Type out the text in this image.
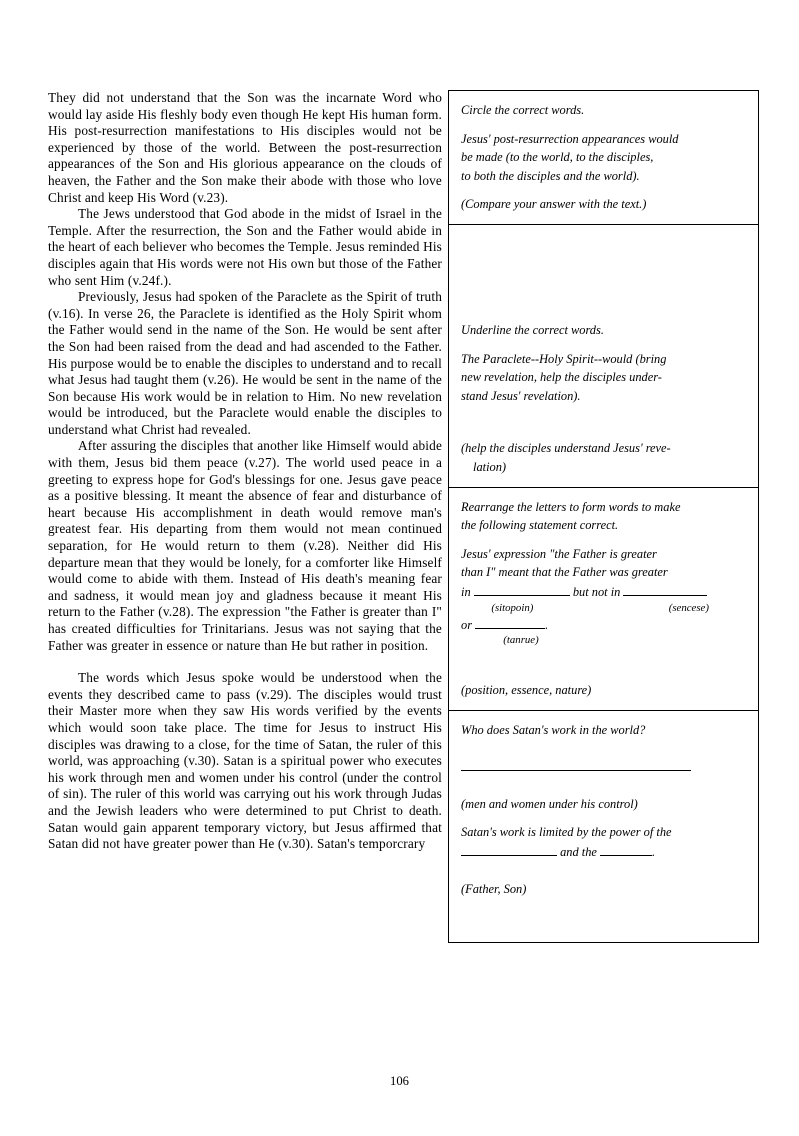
They did not understand that the Son was the incarnate Word who would lay aside His fleshly body even though He kept His human form. His post-resurrection manifestations to His disciples would not be experienced by those of the world. Between the post-resurrection appearances of the Son and His glorious appearance on the clouds of heaven, the Father and the Son make their abode with those who love Christ and keep His Word (v.23).

The Jews understood that God abode in the midst of Israel in the Temple. After the resurrection, the Son and the Father would abide in the heart of each believer who becomes the Temple. Jesus reminded His disciples again that His words were not His own but those of the Father who sent Him (v.24f.).

Previously, Jesus had spoken of the Paraclete as the Spirit of truth (v.16). In verse 26, the Paraclete is identified as the Holy Spirit whom the Father would send in the name of the Son. He would be sent after the Son had been raised from the dead and had ascended to the Father. His purpose would be to enable the disciples to understand and to recall what Jesus had taught them (v.26). He would be sent in the name of the Son because His work would be in relation to Him. No new revelation would be introduced, but the Paraclete would enable the disciples to understand what Christ had revealed.

After assuring the disciples that another like Himself would abide with them, Jesus bid them peace (v.27). The world used peace in a greeting to express hope for God's blessings for one. Jesus gave peace as a positive blessing. It meant the absence of fear and disturbance of heart because His accomplishment in death would remove man's greatest fear. His departing from them would not mean continued separation, for He would return to them (v.28). Neither did His departure mean that they would be lonely, for a comforter like Himself would come to abide with them. Instead of His death's meaning fear and sadness, it would mean joy and gladness because it meant His return to the Father (v.28). The expression "the Father is greater than I" has created difficulties for Trinitarians. Jesus was not saying that the Father was greater in essence or nature than He but rather in position.

The words which Jesus spoke would be understood when the events they described came to pass (v.29). The disciples would trust their Master more when they saw His words verified by the events which would soon take place. The time for Jesus to instruct His disciples was drawing to a close, for the time of Satan, the ruler of this world, was approaching (v.30). Satan is a spiritual power who executes his work through men and women under his control (under the control of sin). The ruler of this world was carrying out his work through Judas and the Jewish leaders who were determined to put Christ to death. Satan would gain apparent temporary victory, but Jesus affirmed that Satan did not have greater power than He (v.30). Satan's temporcrary

Circle the correct words.
Jesus' post-resurrection appearances would
be made (to the world, to the disciples,
to both the disciples and the world).
(Compare your answer with the text.)
Underline the correct words.
The Paraclete--Holy Spirit--would (bring
new revelation, help the disciples under-
stand Jesus' revelation).
(help the disciples understand Jesus' reve-
lation)
Rearrange the letters to form words to make
the following statement correct.
Jesus' expression "the Father is greater
than I" meant that the Father was greater
in	but not in
(sitopoin)	(sencese)
or	.
(tanrue)
(position, essence, nature)
Who does Satan's work in the world?
(men and women under his control)
Satan's work is limited by the power of the
and the	.
(Father, Son)
106
